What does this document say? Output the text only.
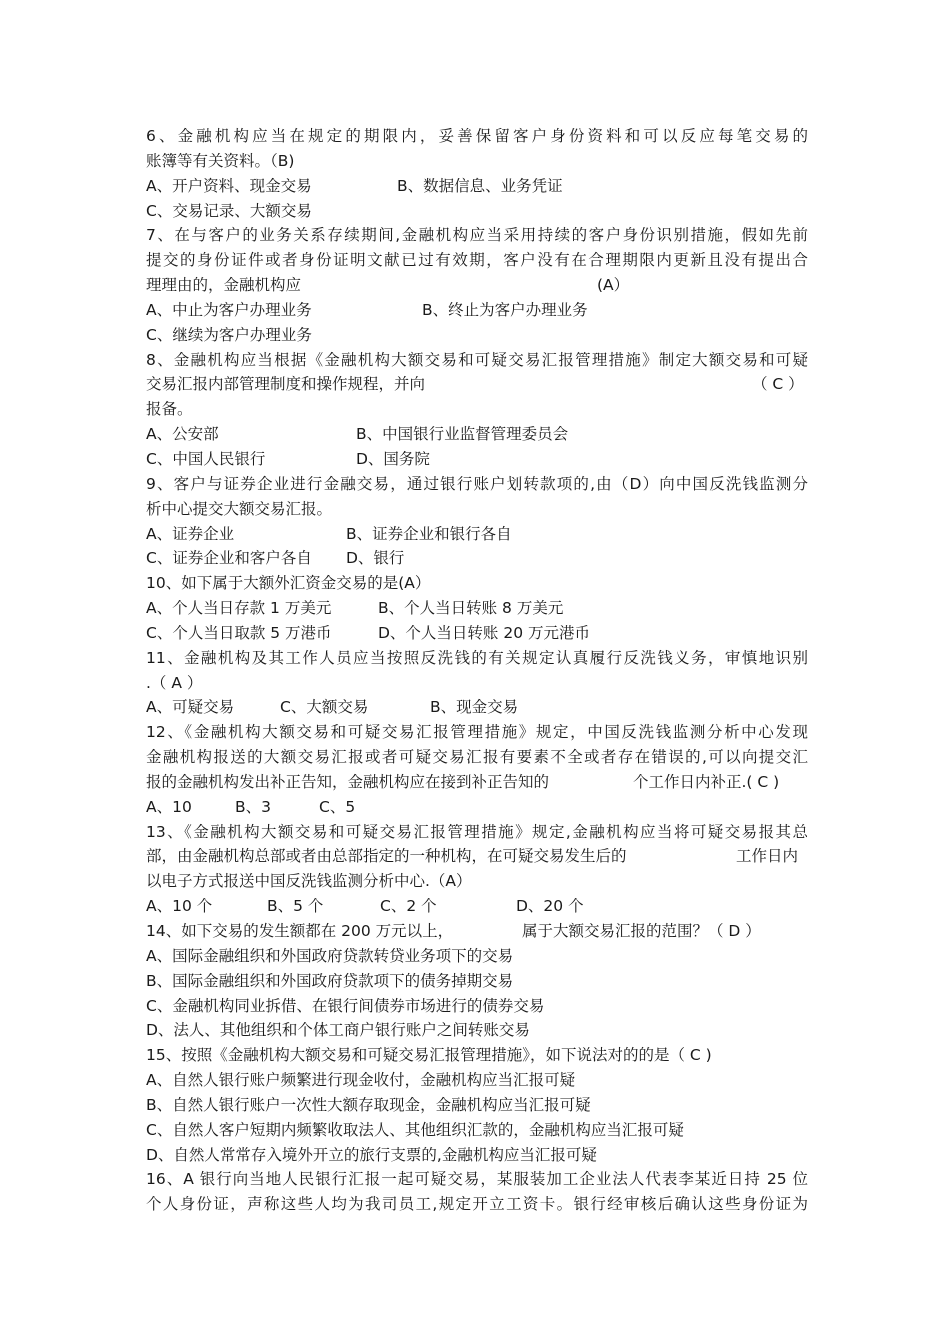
6、金融机构应当在规定的期限内，妥善保留客户身份资料和可以反应每笔交易的
账簿等有关资料。（B)
A、开户资料、现金交易	B、数据信息、业务凭证
C、交易记录、大额交易
7、在与客户的业务关系存续期间,金融机构应当采用持续的客户身份识别措施，假如先前
提交的身份证件或者身份证明文献已过有效期，客户没有在合理期限内更新且没有提出合
理理由的，金融机构应	(A）
A、中止为客户办理业务	B、终止为客户办理业务
C、继续为客户办理业务
8、金融机构应当根据《金融机构大额交易和可疑交易汇报管理措施》制定大额交易和可疑
交易汇报内部管理制度和操作规程，并向	（ C ）
报备。
A、公安部	B、中国银行业监督管理委员会
C、中国人民银行	D、国务院
9、客户与证券企业进行金融交易，通过银行账户划转款项的,由（D）向中国反洗钱监测分
析中心提交大额交易汇报。
A、证券企业	B、证券企业和银行各自
C、证券企业和客户各自 D、银行
10、如下属于大额外汇资金交易的是(A）
A、个人当日存款 1 万美元	B、个人当日转账 8 万美元
C、个人当日取款 5 万港币	D、个人当日转账 20 万元港币
11、金融机构及其工作人员应当按照反洗钱的有关规定认真履行反洗钱义务，审慎地识别
.（ A ）
A、可疑交易	C、大额交易	B、现金交易
12、《金融机构大额交易和可疑交易汇报管理措施》规定，中国反洗钱监测分析中心发现
金融机构报送的大额交易汇报或者可疑交易汇报有要素不全或者存在错误的,可以向提交汇
报的金融机构发出补正告知，金融机构应在接到补正告知的	个工作日内补正.( C )
A、10	B、3	C、5
13、《金融机构大额交易和可疑交易汇报管理措施》规定,金融机构应当将可疑交易报其总
部，由金融机构总部或者由总部指定的一种机构，在可疑交易发生后的	工作日内
以电子方式报送中国反洗钱监测分析中心.（A）
A、10 个	B、5 个	C、2 个	D、20 个
14、如下交易的发生额都在 200 万元以上，	属于大额交易汇报的范围？（ D ）
A、国际金融组织和外国政府贷款转贷业务项下的交易
B、国际金融组织和外国政府贷款项下的债务掉期交易
C、金融机构同业拆借、在银行间债券市场进行的债券交易
D、法人、其他组织和个体工商户银行账户之间转账交易
15、按照《金融机构大额交易和可疑交易汇报管理措施》，如下说法对的的是（ C )
A、自然人银行账户频繁进行现金收付，金融机构应当汇报可疑
B、自然人银行账户一次性大额存取现金，金融机构应当汇报可疑
C、自然人客户短期内频繁收取法人、其他组织汇款的，金融机构应当汇报可疑
D、自然人常常存入境外开立的旅行支票的,金融机构应当汇报可疑
16、A 银行向当地人民银行汇报一起可疑交易，某服装加工企业法人代表李某近日持 25 位
个人身份证，声称这些人均为我司员工,规定开立工资卡。银行经审核后确认这些身份证为
